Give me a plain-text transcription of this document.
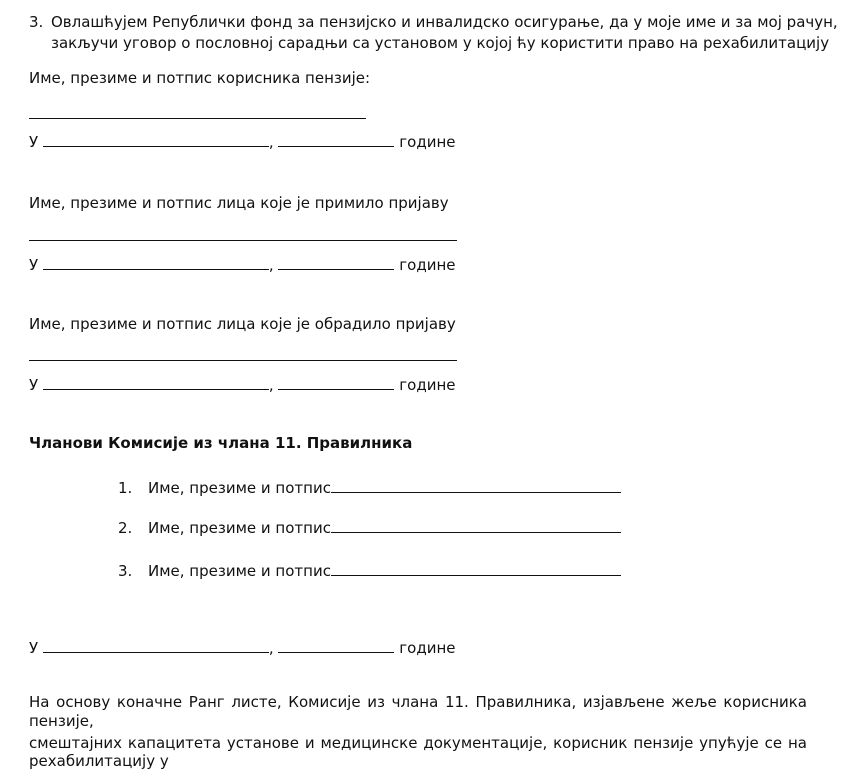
3. Овлашћујем Републички фонд за пензијско и инвалидско осигурање, да у моје име и за мој рачун,
закључи уговор о пословној сарадњи са установом у којој ћу користити право на рехабилитацију
Име, презиме и потпис корисника пензије:
У	,	године
Име, презиме и потпис лица које је примило пријаву
У	,	године
Име, презиме и потпис лица које је обрадило пријаву
У	,	године
Чланови Комисије из члана 11. Правилника
1. Име, презиме и потпис
2. Име, презиме и потпис
3. Име, презиме и потпис
У	,	године
На основу коначне Ранг листе, Комисије из члана 11. Правилника, изјављене жеље корисника
пензије,
смештајних капацитета установе и медицинске документације, корисник пензије упућује се на
рехабилитацију у
